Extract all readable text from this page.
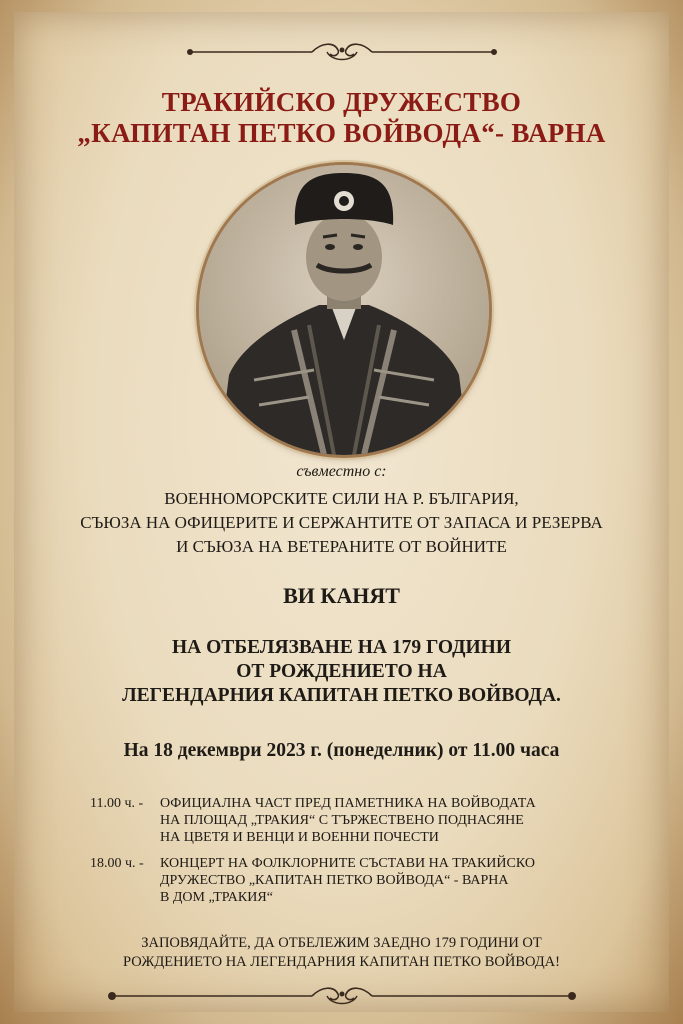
ТРАКИЙСКО ДРУЖЕСТВО
„КАПИТАН ПЕТКО ВОЙВОДА“- ВАРНА
съвместно с:
ВОЕННОМОРСКИТЕ СИЛИ НА Р. БЪЛГАРИЯ,
СЪЮЗА НА ОФИЦЕРИТЕ И СЕРЖАНТИТЕ ОТ ЗАПАСА И РЕЗЕРВА
И СЪЮЗА НА ВЕТЕРАНИТЕ ОТ ВОЙНИТЕ
ВИ КАНЯТ
НА ОТБЕЛЯЗВАНЕ НА 179 ГОДИНИ
ОТ РОЖДЕНИЕТО НА
ЛЕГЕНДАРНИЯ КАПИТАН ПЕТКО ВОЙВОДА.
На 18 декември 2023 г. (понеделник) от 11.00 часа
11.00 ч. - ОФИЦИАЛНА ЧАСТ ПРЕД ПАМЕТНИКА НА ВОЙВОДАТА
НА ПЛОЩАД „ТРАКИЯ“ С ТЪРЖЕСТВЕНО ПОДНАСЯНЕ
НА ЦВЕТЯ И ВЕНЦИ И ВОЕННИ ПОЧЕСТИ
18.00 ч. - КОНЦЕРТ НА ФОЛКЛОРНИТЕ СЪСТАВИ НА ТРАКИЙСКО
ДРУЖЕСТВО „КАПИТАН ПЕТКО ВОЙВОДА“ - ВАРНА
В ДОМ „ТРАКИЯ“
ЗАПОВЯДАЙТЕ, ДА ОТБЕЛЕЖИМ ЗАЕДНО 179 ГОДИНИ ОТ
РОЖДЕНИЕТО НА ЛЕГЕНДАРНИЯ КАПИТАН ПЕТКО ВОЙВОДА!
